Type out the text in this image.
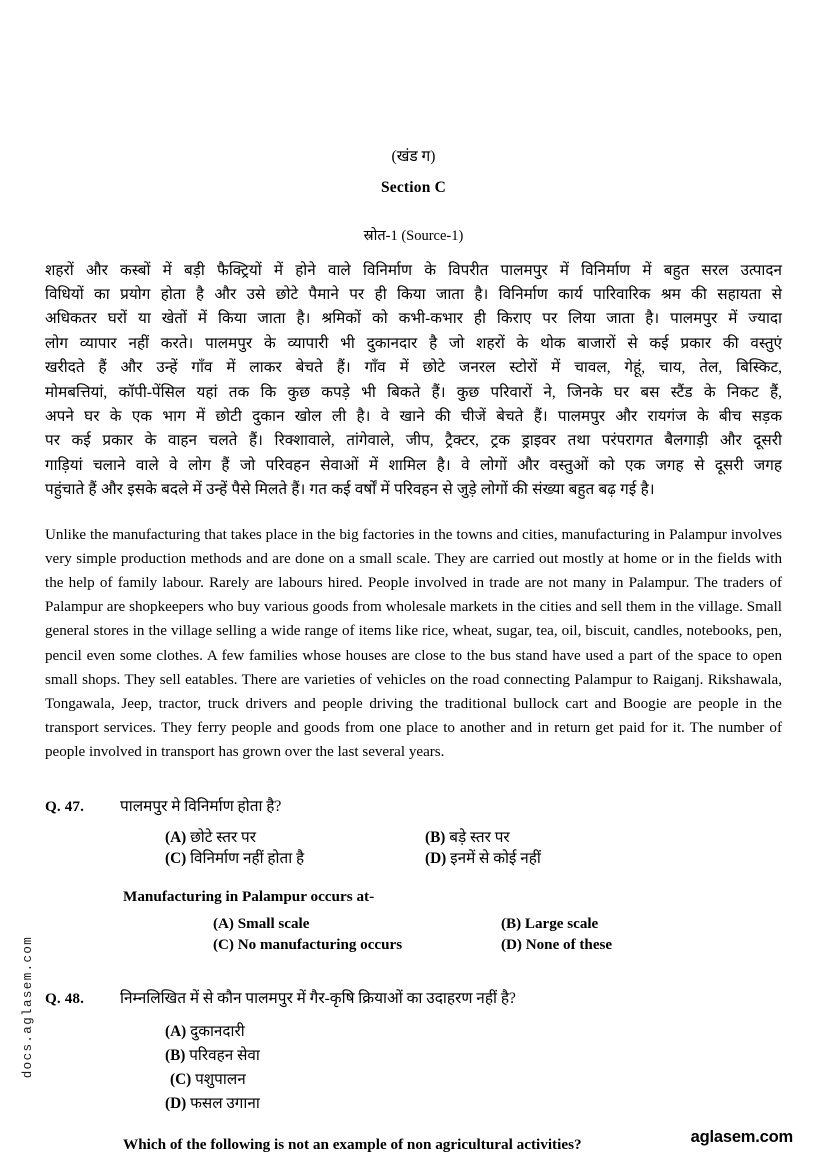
(खंड ग)
Section C
स्रोत-1 (Source-1)
शहरों और कस्बों में बड़ी फैक्ट्रियों में होने वाले विनिर्माण के विपरीत पालमपुर में विनिर्माण में बहुत सरल उत्पादन
विधियों का प्रयोग होता है और उसे छोटे पैमाने पर ही किया जाता है। विनिर्माण कार्य पारिवारिक श्रम की सहायता से
अधिकतर घरों या खेतों में किया जाता है। श्रमिकों को कभी-कभार ही किराए पर लिया जाता है। पालमपुर में ज्यादा
लोग व्यापार नहीं करते। पालमपुर के व्यापारी भी दुकानदार है जो शहरों के थोक बाजारों से कई प्रकार की वस्तुएं
खरीदते हैं और उन्हें गाँव में लाकर बेचते हैं। गाँव में छोटे जनरल स्टोरों में चावल, गेहूं, चाय, तेल, बिस्किट,
मोमबत्तियां, कॉपी-पेंसिल यहां तक कि कुछ कपड़े भी बिकते हैं। कुछ परिवारों ने, जिनके घर बस स्टैंड के निकट हैं,
अपने घर के एक भाग में छोटी दुकान खोल ली है। वे खाने की चीजें बेचते हैं। पालमपुर और रायगंज के बीच सड़क
पर कई प्रकार के वाहन चलते हैं। रिक्शावाले, तांगेवाले, जीप, ट्रैक्टर, ट्रक ड्राइवर तथा परंपरागत बैलगाड़ी और दूसरी
गाड़ियां चलाने वाले वे लोग हैं जो परिवहन सेवाओं में शामिल है। वे लोगों और वस्तुओं को एक जगह से दूसरी जगह
पहुंचाते हैं और इसके बदले में उन्हें पैसे मिलते हैं। गत कई वर्षों में परिवहन से जुड़े लोगों की संख्या बहुत बढ़ गई है।
Unlike the manufacturing that takes place in the big factories in the towns and cities, manufacturing in Palampur involves very simple production methods and are done on a small scale. They are carried out mostly at home or in the fields with the help of family labour. Rarely are labours hired. People involved in trade are not many in Palampur. The traders of Palampur are shopkeepers who buy various goods from wholesale markets in the cities and sell them in the village. Small general stores in the village selling a wide range of items like rice, wheat, sugar, tea, oil, biscuit, candles, notebooks, pen, pencil even some clothes. A few families whose houses are close to the bus stand have used a part of the space to open small shops. They sell eatables. There are varieties of vehicles on the road connecting Palampur to Raiganj. Rikshawala, Tongawala, Jeep, tractor, truck drivers and people driving the traditional bullock cart and Boogie are people in the transport services. They ferry people and goods from one place to another and in return get paid for it. The number of people involved in transport has grown over the last several years.
Q. 47.	पालमपुर मे विनिर्माण होता है?
(A) छोटे स्तर पर	(B) बड़े स्तर पर
(C) विनिर्माण नहीं होता है	(D) इनमें से कोई नहीं
Manufacturing in Palampur occurs at-
(A) Small scale	(B) Large scale
(C) No manufacturing occurs	(D) None of these
Q. 48.	निम्नलिखित में से कौन पालमपुर में गैर-कृषि क्रियाओं का उदाहरण नहीं है?
(A) दुकानदारी
(B) परिवहन सेवा
(C) पशुपालन
(D) फसल उगाना
Which of the following is not an example of non agricultural activities?
docs.aglasem.com
aglasem.com
